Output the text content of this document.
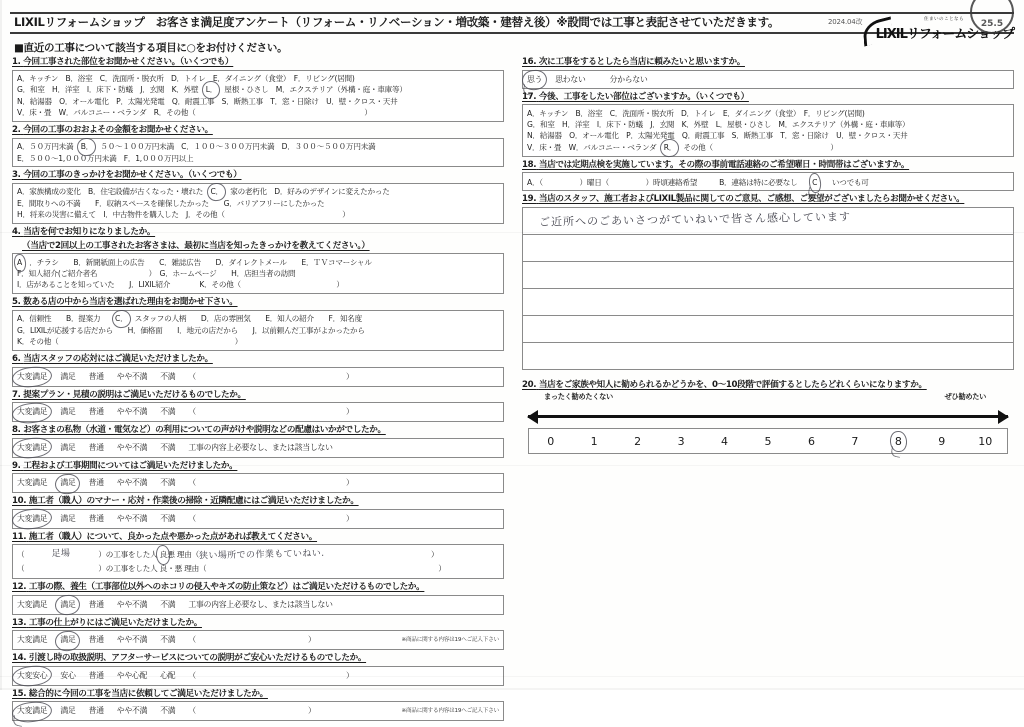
LIXILリフォームショップ　お客さま満足度アンケート（リフォーム・リノベーション・増改築・建替え後）※設問では工事と表記させていただきます。	2024.04改	住まいのことなら
LIXILリフォームショップ
25.5
■直近の工事について該当する項目に○をお付けください。
1. 今回工事された部位をお聞かせください。（いくつでも）
A．キッチン　B．浴室　C．洗面所・脱衣所　D．トイレ　E．ダイニング（食堂）　F．リビング(居間)
G．和室　H．洋室　I．床下・防蟻　J．玄関　K．外壁　L．　屋根・ひさし　M．エクステリア（外構・庭・車庫等）
N．給湯器　O．オール電化　P．太陽光発電　Q．耐震工事　S．断熱工事　T．窓・日除け　U．壁・クロス・天井
V．床・畳　W．バルコニー・ベランダ　R．その他（　　　　　　　　　　　　　　　　　　　　　　　）
2. 今回の工事のおおよその金額をお聞かせください。
A．５０万円未満　B．　５０〜１００万円未満　C．１００〜３００万円未満　D．３００〜５００万円未満
E．５００〜1,０００万円未満　F．1,０００万円以上
3. 今回の工事のきっかけをお聞かせください。（いくつでも）
A．家族構成の変化　B．住宅設備が古くなった・壊れた　C．　家の老朽化　D．好みのデザインに変えたかった
E．間取りへの不満　　F．収納スペースを確保したかった　　G．バリアフリーにしたかった
H．将来の災害に備えて　I．中古物件を購入した　J．その他（　　　　　　　　　　　　　　　　）
4. 当店を何でお知りになりましたか。
（当店で2回以上の工事されたお客さまは、最初に当店を知ったきっかけを教えてください。）
A　．チラシ　　B．新聞紙面上の広告　　C．雑誌広告　　D．ダイレクトメール　　E．ＴＶコマーシャル
F．知人紹介(ご紹介者名　　　　　　　）　G．ホームページ　　H．店担当者の訪問
I．店があることを知っていた　　J．LIXIL紹介　　　　K．その他（　　　　　　　　　　　　　）
5. 数ある店の中から当店を選ばれた理由をお聞かせ下さい。
A．信頼性　　B．提案力　　C．　スタッフの人柄　　D．店の雰囲気　　E．知人の紹介　　F．知名度
G．LIXILが応援する店だから　　H．価格面　　I．地元の店だから　　J．以前頼んだ工事がよかったから
K．その他（　　　　　　　　　　　　　　　　　　　　　　　　）
6. 当店スタッフの応対にはご満足いただけましたか。
大変満足 満足 普通 やや不満 不満 （	）
7. 提案プラン・見積の説明はご満足いただけるものでしたか。
大変満足 満足 普通 やや不満 不満 （	）
8. お客さまの私物（水道・電気など）の利用についての声がけや説明などの配慮はいかがでしたか。
大変満足 満足 普通 やや不満 不満 工事の内容上必要なし、または該当しない
9. 工程および工事期間についてはご満足いただけましたか。
大変満足 満足 普通 やや不満 不満 （	）
10. 施工者（職人）のマナー・応対・作業後の掃除・近隣配慮にはご満足いただけましたか。
大変満足 満足 普通 やや不満 不満 （	）
11. 施工者（職人）について、良かった点や悪かった点があれば教えてください。
（	足場	）の工事をした人
良 悪
理由（ 狭い場所での作業もていねい.	）
（	）の工事をした人
良 ・ 悪
理由（	）
12. 工事の際、養生（工事部位以外へのホコリの侵入やキズの防止策など）はご満足いただけるものでしたか。
大変満足 満足 普通 やや不満 不満 工事の内容上必要なし、または該当しない
13. 工事の仕上がりにはご満足いただけましたか。
大変満足 満足 普通 やや不満 不満 （	）	※商品に関する内容は19へご記入下さい
14. 引渡し時の取扱説明、アフターサービスについての説明がご安心いただけるものでしたか。
大変安心 安心 普通 やや心配 心配 （	）
15. 総合的に今回の工事を当店に依頼してご満足いただけましたか。
大変満足 満足 普通 やや不満 不満 （	）	※商品に関する内容は19へご記入下さい
16. 次に工事をするとしたら当店に頼みたいと思いますか。
思う 思わない	分からない
17. 今後、工事をしたい部位はございますか。（いくつでも）
A．キッチン　B．浴室　C．洗面所・脱衣所　D．トイレ　E．ダイニング（食堂）　F．リビング(居間)
G．和室　H．洋室　I．床下・防蟻　J．玄関　K．外壁　L．屋根・ひさし　M．エクステリア（外構・庭・車庫等）
N．給湯器　O．オール電化　P．太陽光発電　Q．耐震工事　S．断熱工事　T．窓・日除け　U．壁・クロス・天井
V．床・畳　W．バルコニー・ベランダ　R．　その他（　　　　　　　　　　　　　　　　）
18. 当店では定期点検を実施しています。その際の事前電話連絡のご希望曜日・時間帯はございますか。
A．（　　　　　）曜日（　　　　　）時頃連絡希望　　　B．連絡は特に必要なし　　C　　いつでも可
19. 当店のスタッフ、施工者およびLIXIL製品に関してのご意見、ご感想、ご要望がございましたらお聞かせください。
ご近所へのごあいさつがていねいで皆さん感心しています
20. 当店をご家族や知人に勧められるかどうかを、0〜10段階で評価するとしたらどれくらいになりますか。
まったく勧めたくない	ぜひ勧めたい
0	1	2	3	4	5	6	7	8	9	10
